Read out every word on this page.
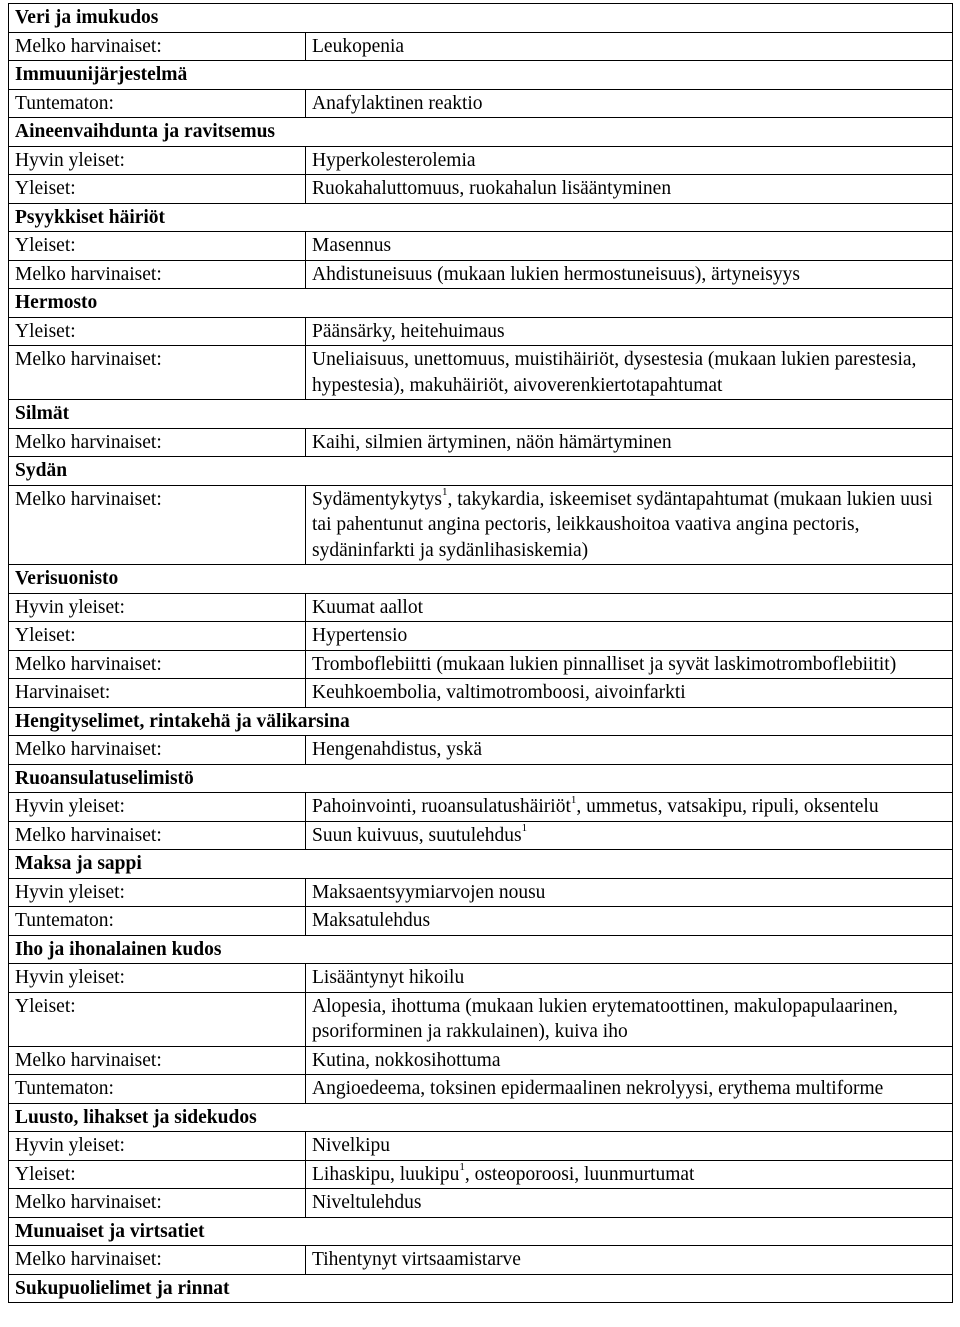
Veri ja imukudos	
Melko harvinaiset:	Leukopenia
Immuunijärjestelmä	
Tuntematon:	Anafylaktinen reaktio
Aineenvaihdunta ja ravitsemus	
Hyvin yleiset:	Hyperkolesterolemia
Yleiset:	Ruokahaluttomuus, ruokahalun lisääntyminen
Psyykkiset häiriöt	
Yleiset:	Masennus
Melko harvinaiset:	Ahdistuneisuus (mukaan lukien hermostuneisuus), ärtyneisyys
Hermosto	
Yleiset:	Päänsärky, heitehuimaus
Melko harvinaiset:	Uneliaisuus, unettomuus, muistihäiriöt, dysestesia (mukaan lukien parestesia, hypestesia), makuhäiriöt, aivoverenkiertotapahtumat
Silmät	
Melko harvinaiset:	Kaihi, silmien ärtyminen, näön hämärtyminen
Sydän	
Melko harvinaiset:	Sydämentykytys$^1$, takykardia, iskeemiset sydäntapahtumat (mukaan lukien uusi tai pahentunut angina pectoris, leikkaushoitoa vaativa angina pectoris, sydäninfarkti ja sydänlihasiskemia)
Verisuonisto	
Hyvin yleiset:	Kuumat aallot
Yleiset:	Hypertensio
Melko harvinaiset:	Tromboflebiitti (mukaan lukien pinnalliset ja syvät laskimotromboflebiitit)
Harvinaiset:	Keuhkoembolia, valtimotromboosi, aivoinfarkti
Hengityselimet, rintakehä ja välikarsina	
Melko harvinaiset:	Hengenahdistus, yskä
Ruoansulatuselimistö	
Hyvin yleiset:	Pahoinvointi, ruoansulatushäiriöt$^1$, ummetus, vatsakipu, ripuli, oksentelu
Melko harvinaiset:	Suun kuivuus, suutulehdus$^1$
Maksa ja sappi	
Hyvin yleiset:	Maksaentsyymiarvojen nousu
Tuntematon:	Maksatulehdus
Iho ja ihonalainen kudos	
Hyvin yleiset:	Lisääntynyt hikoilu
Yleiset:	Alopesia, ihottuma (mukaan lukien erytematoottinen, makulopapulaarinen, psoriforminen ja rakkulainen), kuiva iho
Melko harvinaiset:	Kutina, nokkosihottuma
Tuntematon:	Angioedeema, toksinen epidermaalinen nekrolyysi, erythema multiforme
Luusto, lihakset ja sidekudos	
Hyvin yleiset:	Nivelkipu
Yleiset:	Lihaskipu, luukipu$^1$, osteoporoosi, luunmurtumat
Melko harvinaiset:	Niveltulehdus
Munuaiset ja virtsatiet	
Melko harvinaiset:	Tihentynyt virtsaamistarve
Sukupuolielimet ja rinnat	
